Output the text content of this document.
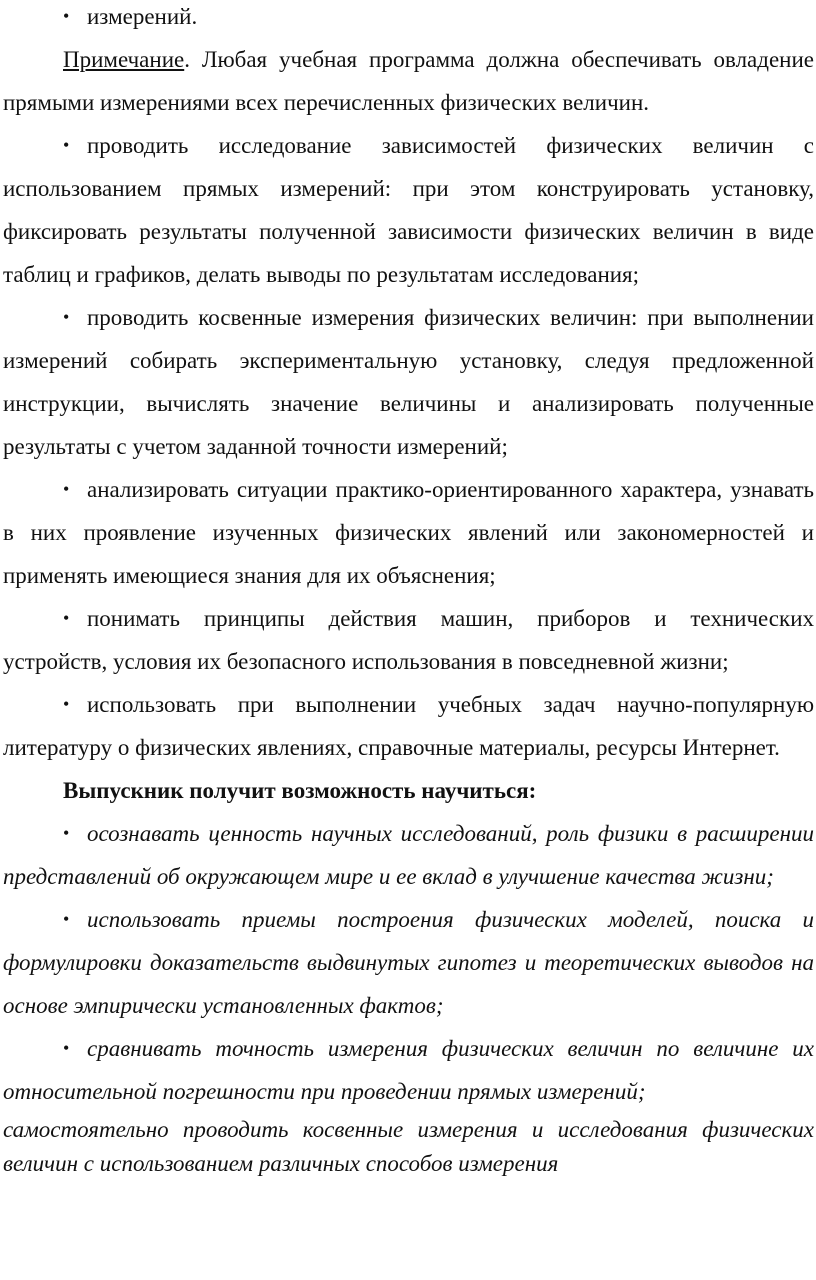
• измерений.

Примечание. Любая учебная программа должна обеспечивать овладение прямыми измерениями всех перечисленных физических величин.

• проводить исследование зависимостей физических величин с использованием прямых измерений: при этом конструировать установку, фиксировать результаты полученной зависимости физических величин в виде таблиц и графиков, делать выводы по результатам исследования;

• проводить косвенные измерения физических величин: при выполнении измерений собирать экспериментальную установку, следуя предложенной инструкции, вычислять значение величины и анализировать полученные результаты с учетом заданной точности измерений;

• анализировать ситуации практико-ориентированного характера, узнавать в них проявление изученных физических явлений или закономерностей и применять имеющиеся знания для их объяснения;

• понимать принципы действия машин, приборов и технических устройств, условия их безопасного использования в повседневной жизни;

• использовать при выполнении учебных задач научно-популярную литературу о физических явлениях, справочные материалы, ресурсы Интернет.

Выпускник получит возможность научиться:

• осознавать ценность научных исследований, роль физики в расширении представлений об окружающем мире и ее вклад в улучшение качества жизни;

• использовать приемы построения физических моделей, поиска и формулировки доказательств выдвинутых гипотез и теоретических выводов на основе эмпирически установленных фактов;

• сравнивать точность измерения физических величин по величине их относительной погрешности при проведении прямых измерений;

самостоятельно проводить косвенные измерения и исследования физических величин с использованием различных способов измерения
